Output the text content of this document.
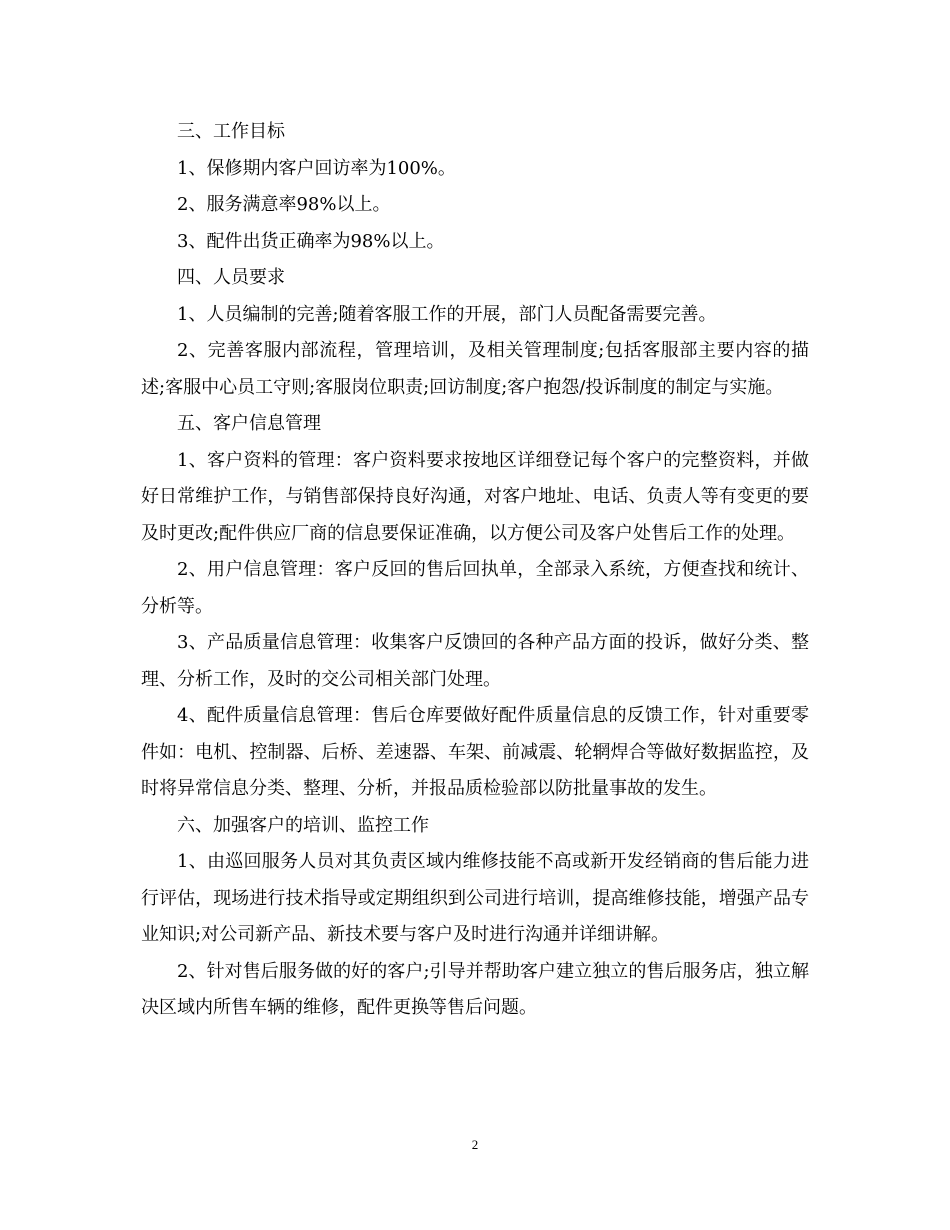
三、工作目标

1、保修期内客户回访率为100%。

2、服务满意率98%以上。

3、配件出货正确率为98%以上。

四、人员要求

1、人员编制的完善;随着客服工作的开展，部门人员配备需要完善。

2、完善客服内部流程，管理培训，及相关管理制度;包括客服部主要内容的描述;客服中心员工守则;客服岗位职责;回访制度;客户抱怨/投诉制度的制定与实施。

五、客户信息管理

1、客户资料的管理：客户资料要求按地区详细登记每个客户的完整资料，并做好日常维护工作，与销售部保持良好沟通，对客户地址、电话、负责人等有变更的要及时更改;配件供应厂商的信息要保证准确，以方便公司及客户处售后工作的处理。

2、用户信息管理：客户反回的售后回执单，全部录入系统，方便查找和统计、分析等。

3、产品质量信息管理：收集客户反馈回的各种产品方面的投诉，做好分类、整理、分析工作，及时的交公司相关部门处理。

4、配件质量信息管理：售后仓库要做好配件质量信息的反馈工作，针对重要零件如：电机、控制器、后桥、差速器、车架、前减震、轮辋焊合等做好数据监控，及时将异常信息分类、整理、分析，并报品质检验部以防批量事故的发生。

六、加强客户的培训、监控工作

1、由巡回服务人员对其负责区域内维修技能不高或新开发经销商的售后能力进行评估，现场进行技术指导或定期组织到公司进行培训，提高维修技能，增强产品专业知识;对公司新产品、新技术要与客户及时进行沟通并详细讲解。

2、针对售后服务做的好的客户;引导并帮助客户建立独立的售后服务店，独立解决区域内所售车辆的维修，配件更换等售后问题。

2
